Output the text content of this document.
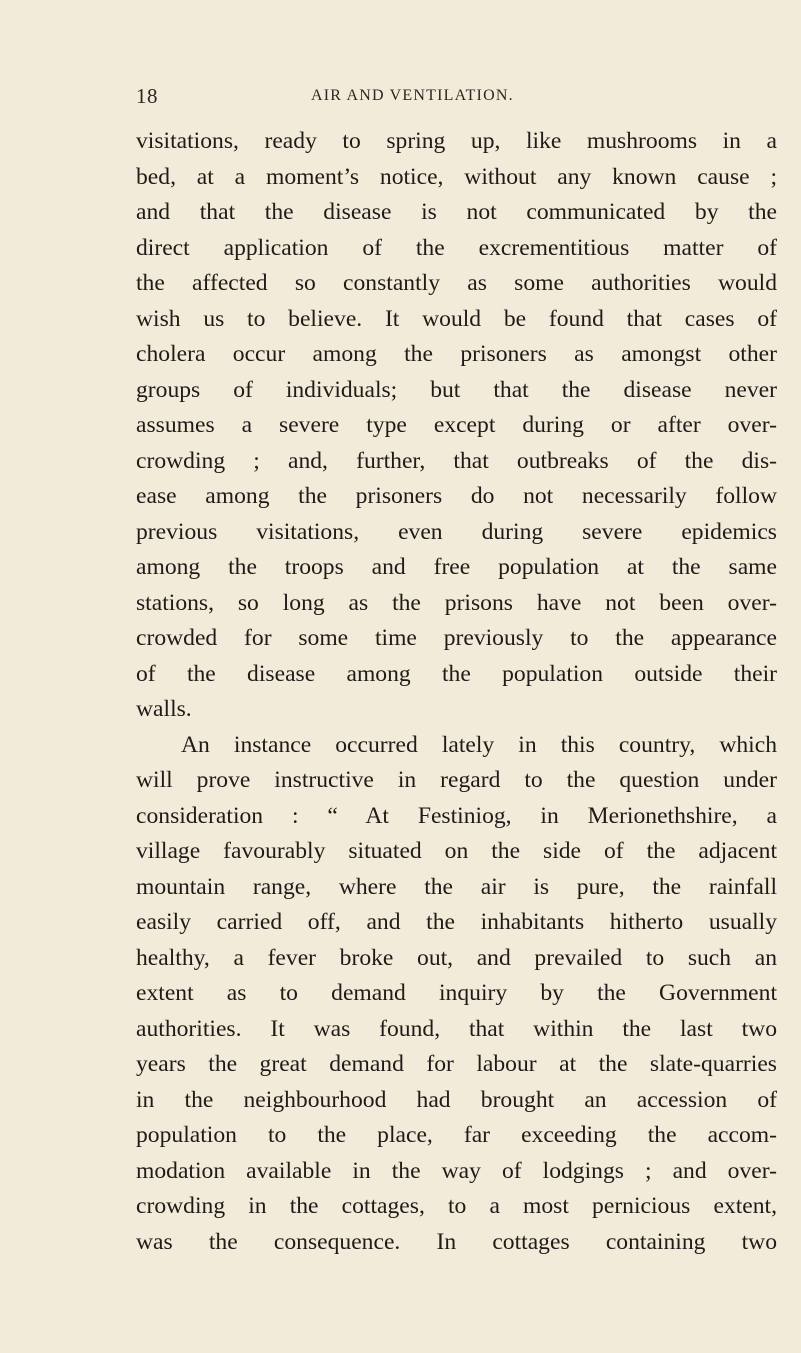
18	AIR AND VENTILATION.
visitations, ready to spring up, like mushrooms in a
bed, at a moment’s notice, without any known cause ;
and that the disease is not communicated by the
direct application of the excrementitious matter of
the affected so constantly as some authorities would
wish us to believe. It would be found that cases of
cholera occur among the prisoners as amongst other
groups of individuals; but that the disease never
assumes a severe type except during or after over-
crowding ; and, further, that outbreaks of the dis-
ease among the prisoners do not necessarily follow
previous visitations, even during severe epidemics
among the troops and free population at the same
stations, so long as the prisons have not been over-
crowded for some time previously to the appearance
of the disease among the population outside their
walls.
An instance occurred lately in this country, which
will prove instructive in regard to the question under
consideration : “ At Festiniog, in Merionethshire, a
village favourably situated on the side of the adjacent
mountain range, where the air is pure, the rainfall
easily carried off, and the inhabitants hitherto usually
healthy, a fever broke out, and prevailed to such an
extent as to demand inquiry by the Government
authorities. It was found, that within the last two
years the great demand for labour at the slate-quarries
in the neighbourhood had brought an accession of
population to the place, far exceeding the accom-
modation available in the way of lodgings ; and over-
crowding in the cottages, to a most pernicious extent,
was the consequence. In cottages containing two
